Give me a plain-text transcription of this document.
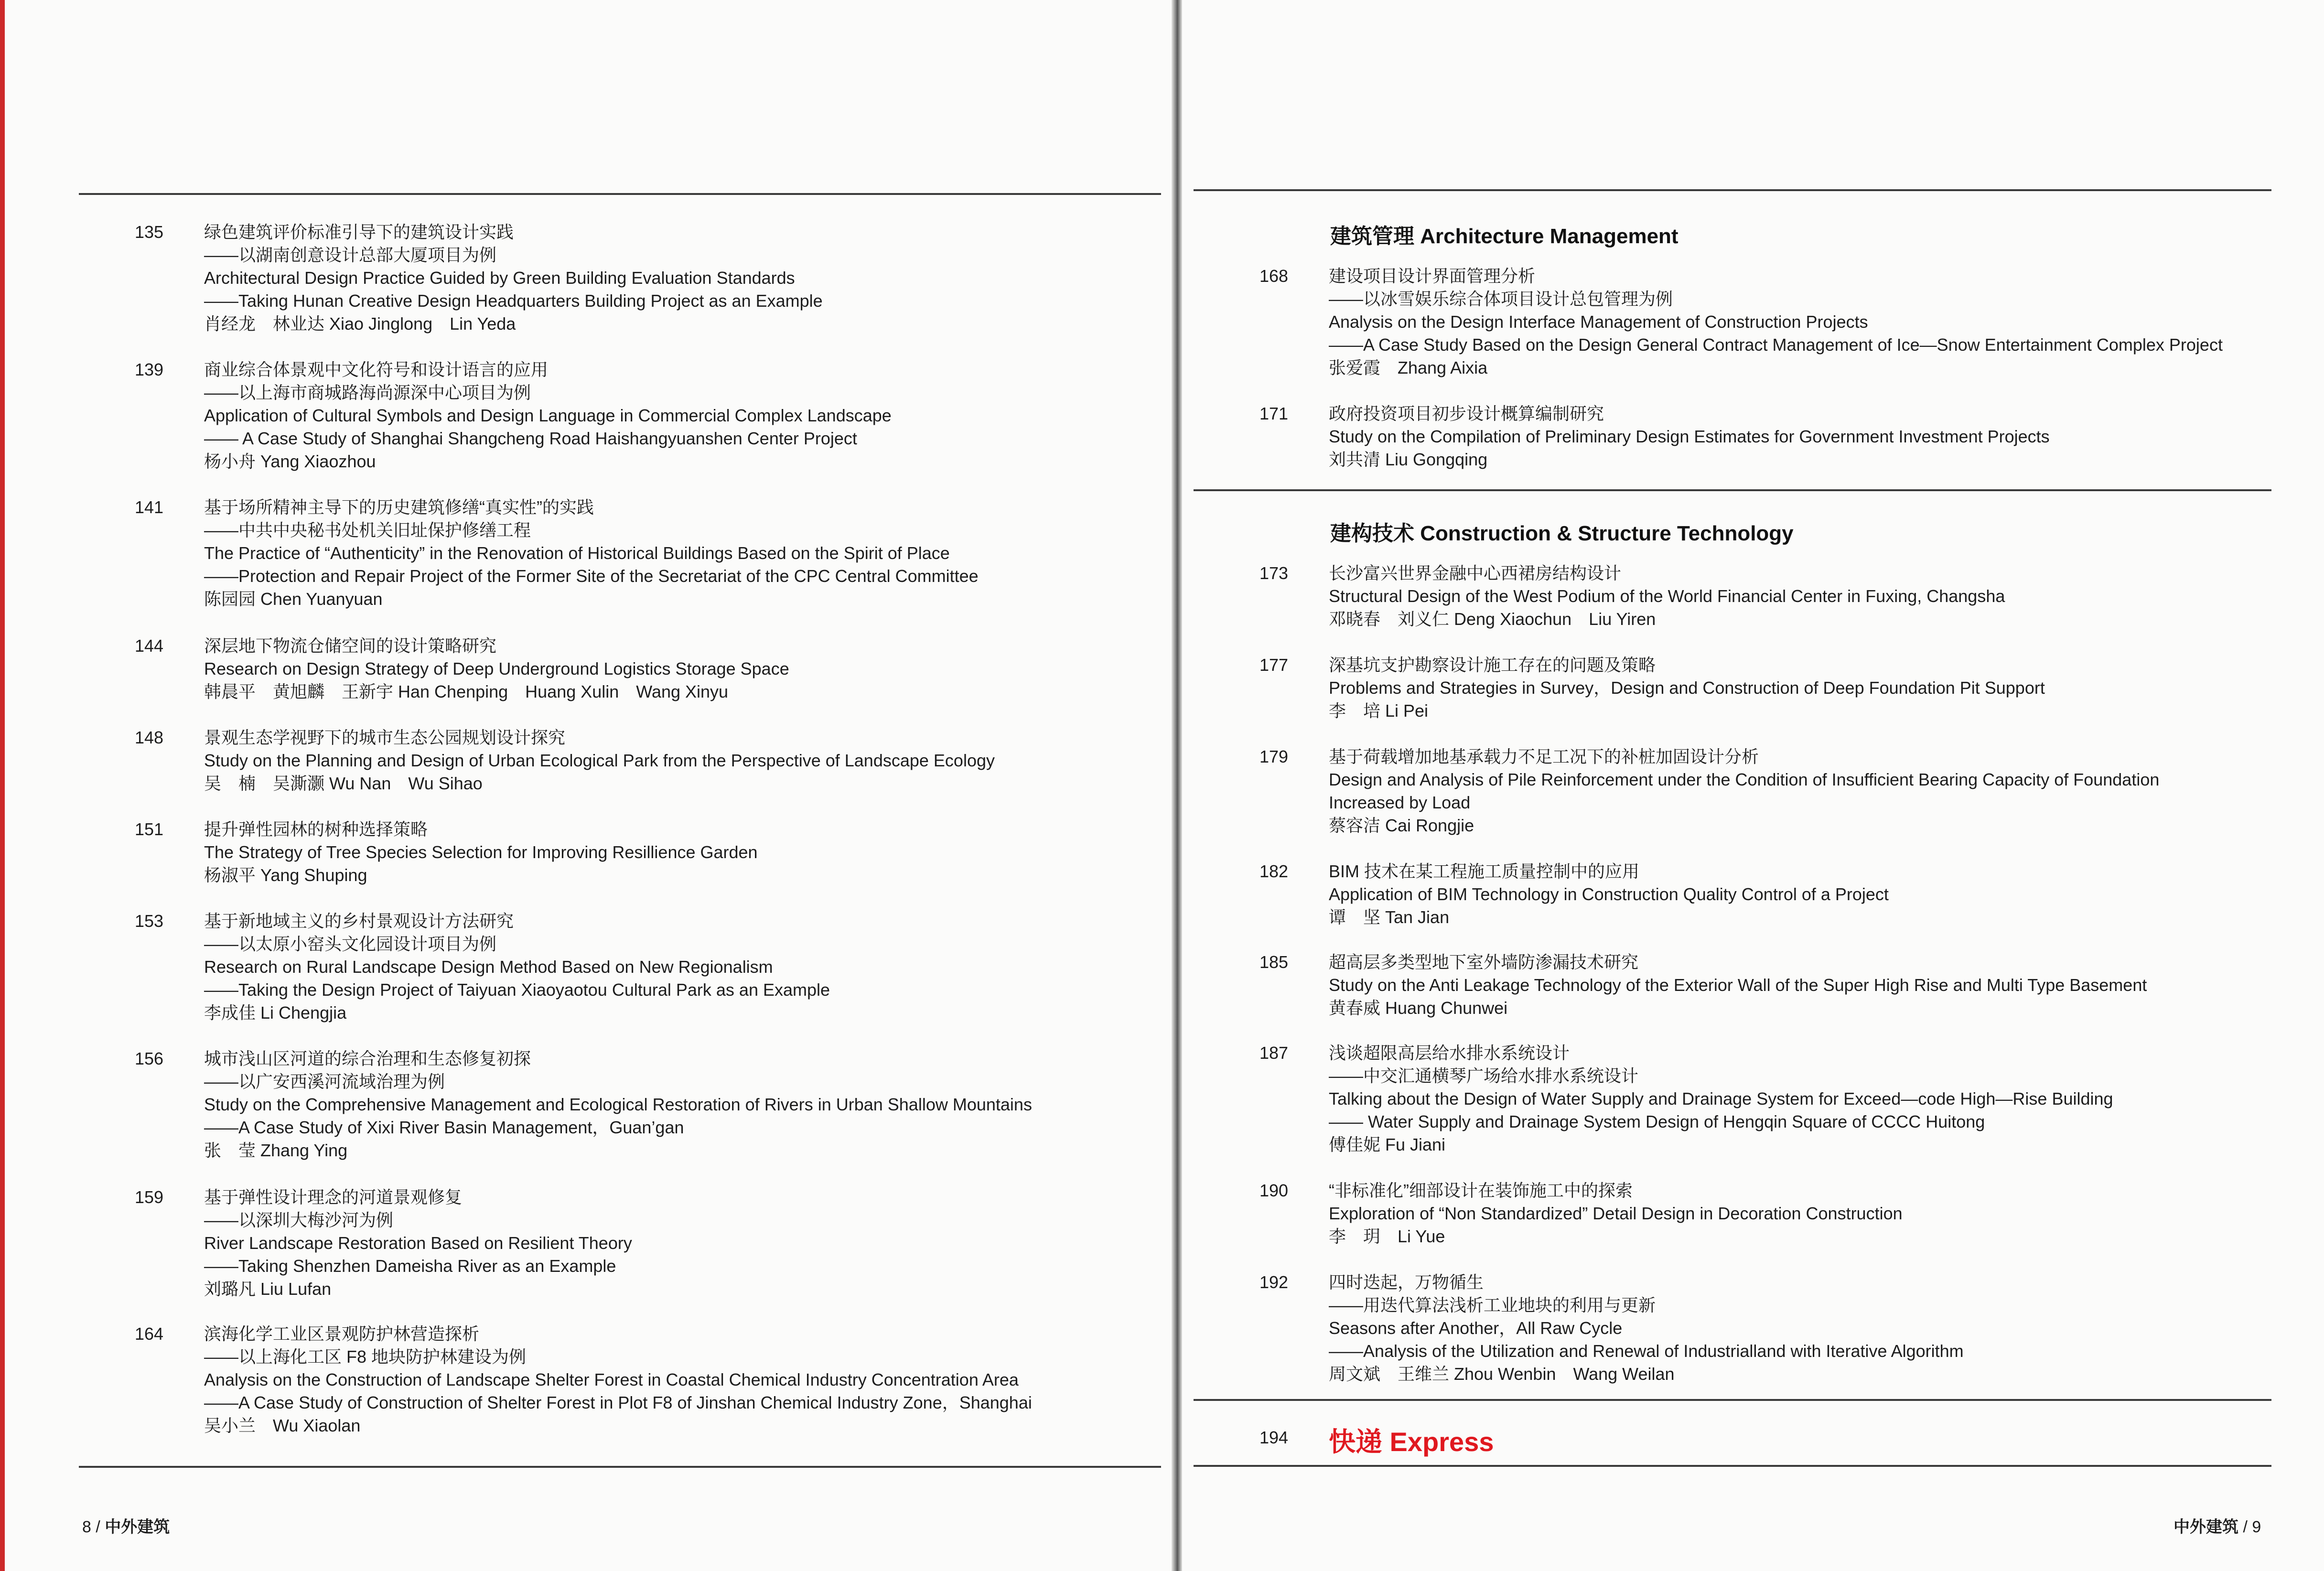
135	绿色建筑评价标准引导下的建筑设计实践
——以湖南创意设计总部大厦项目为例
Architectural Design Practice Guided by Green Building Evaluation Standards
——Taking Hunan Creative Design Headquarters Building Project as an Example
肖经龙　林业达 Xiao Jinglong　Lin Yeda
139	商业综合体景观中文化符号和设计语言的应用
——以上海市商城路海尚源深中心项目为例
Application of Cultural Symbols and Design Language in Commercial Complex Landscape
—— A Case Study of Shanghai Shangcheng Road Haishangyuanshen Center Project
杨小舟 Yang Xiaozhou
141	基于场所精神主导下的历史建筑修缮“真实性”的实践
——中共中央秘书处机关旧址保护修缮工程
The Practice of “Authenticity” in the Renovation of Historical Buildings Based on the Spirit of Place
——Protection and Repair Project of the Former Site of the Secretariat of the CPC Central Committee
陈园园 Chen Yuanyuan
144	深层地下物流仓储空间的设计策略研究
Research on Design Strategy of Deep Underground Logistics Storage Space
韩晨平　黄旭麟　王新宇 Han Chenping　Huang Xulin　Wang Xinyu
148	景观生态学视野下的城市生态公园规划设计探究
Study on the Planning and Design of Urban Ecological Park from the Perspective of Landscape Ecology
吴　楠　吴澌灏 Wu Nan　Wu Sihao
151	提升弹性园林的树种选择策略
The Strategy of Tree Species Selection for Improving Resillience Garden
杨淑平 Yang Shuping
153	基于新地域主义的乡村景观设计方法研究
——以太原小窑头文化园设计项目为例
Research on Rural Landscape Design Method Based on New Regionalism
——Taking the Design Project of Taiyuan Xiaoyaotou Cultural Park as an Example
李成佳 Li Chengjia
156	城市浅山区河道的综合治理和生态修复初探
——以广安西溪河流域治理为例
Study on the Comprehensive Management and Ecological Restoration of Rivers in Urban Shallow Mountains
——A Case Study of Xixi River Basin Management，Guan’gan
张　莹 Zhang Ying
159	基于弹性设计理念的河道景观修复
——以深圳大梅沙河为例
River Landscape Restoration Based on Resilient Theory
——Taking Shenzhen Dameisha River as an Example
刘璐凡 Liu Lufan
164	滨海化学工业区景观防护林营造探析
——以上海化工区 F8 地块防护林建设为例
Analysis on the Construction of Landscape Shelter Forest in Coastal Chemical Industry Concentration Area
——A Case Study of Construction of Shelter Forest in Plot F8 of Jinshan Chemical Industry Zone，Shanghai
吴小兰　Wu Xiaolan
8 / 中外建筑
建筑管理 Architecture Management
168	建设项目设计界面管理分析
——以冰雪娱乐综合体项目设计总包管理为例
Analysis on the Design Interface Management of Construction Projects
——A Case Study Based on the Design General Contract Management of Ice—Snow Entertainment Complex Project
张爱霞　Zhang Aixia
171	政府投资项目初步设计概算编制研究
Study on the Compilation of Preliminary Design Estimates for Government Investment Projects
刘共清 Liu Gongqing
建构技术 Construction & Structure Technology
173	长沙富兴世界金融中心西裙房结构设计
Structural Design of the West Podium of the World Financial Center in Fuxing, Changsha
邓晓春　刘义仁 Deng Xiaochun　Liu Yiren
177	深基坑支护勘察设计施工存在的问题及策略
Problems and Strategies in Survey，Design and Construction of Deep Foundation Pit Support
李　培 Li Pei
179	基于荷载增加地基承载力不足工况下的补桩加固设计分析
Design and Analysis of Pile Reinforcement under the Condition of Insufficient Bearing Capacity of Foundation
Increased by Load
蔡容洁 Cai Rongjie
182	BIM 技术在某工程施工质量控制中的应用
Application of BIM Technology in Construction Quality Control of a Project
谭　坚 Tan Jian
185	超高层多类型地下室外墙防渗漏技术研究
Study on the Anti Leakage Technology of the Exterior Wall of the Super High Rise and Multi Type Basement
黄春威 Huang Chunwei
187	浅谈超限高层给水排水系统设计
——中交汇通横琴广场给水排水系统设计
Talking about the Design of Water Supply and Drainage System for Exceed—code High—Rise Building
—— Water Supply and Drainage System Design of Hengqin Square of CCCC Huitong
傅佳妮 Fu Jiani
190	“非标准化”细部设计在装饰施工中的探索
Exploration of “Non Standardized” Detail Design in Decoration Construction
李　玥　Li Yue
192	四时迭起，万物循生
——用迭代算法浅析工业地块的利用与更新
Seasons after Another，All Raw Cycle
——Analysis of the Utilization and Renewal of Industrialland with Iterative Algorithm
周文斌　王维兰 Zhou Wenbin　Wang Weilan
194 快递 Express
中外建筑 / 9
